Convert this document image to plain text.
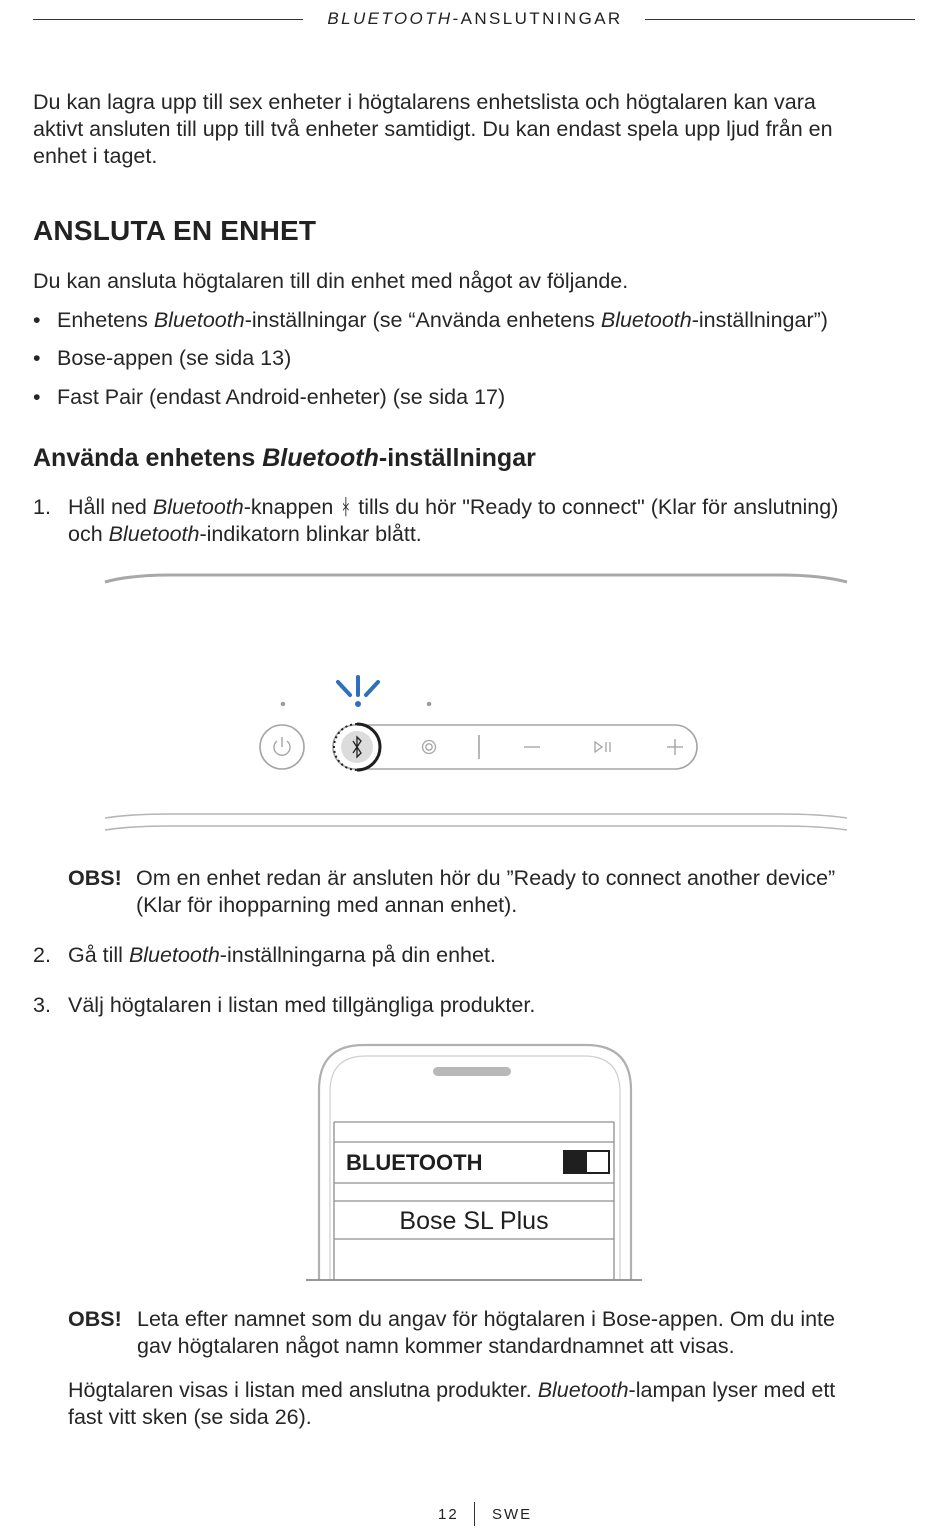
BLUETOOTH-ANSLUTNINGAR
Du kan lagra upp till sex enheter i högtalarens enhetslista och högtalaren kan vara
aktivt ansluten till upp till två enheter samtidigt. Du kan endast spela upp ljud från en
enhet i taget.
ANSLUTA EN ENHET
Du kan ansluta högtalaren till din enhet med något av följande.
• Enhetens Bluetooth-inställningar (se “Använda enhetens Bluetooth-inställningar”)
• Bose-appen (se sida 13)
• Fast Pair (endast Android-enheter) (se sida 17)
Använda enhetens Bluetooth-inställningar
1. Håll ned Bluetooth-knappen ᚼ tills du hör "Ready to connect" (Klar för anslutning)
och Bluetooth-indikatorn blinkar blått.
OBS! Om en enhet redan är ansluten hör du ”Ready to connect another device”
(Klar för ihopparning med annan enhet).
2. Gå till Bluetooth-inställningarna på din enhet.
3. Välj högtalaren i listan med tillgängliga produkter.
BLUETOOTH
Bose SL Plus
OBS! Leta efter namnet som du angav för högtalaren i Bose-appen. Om du inte
gav högtalaren något namn kommer standardnamnet att visas.
Högtalaren visas i listan med anslutna produkter. Bluetooth-lampan lyser med ett
fast vitt sken (se sida 26).
12 SWE
